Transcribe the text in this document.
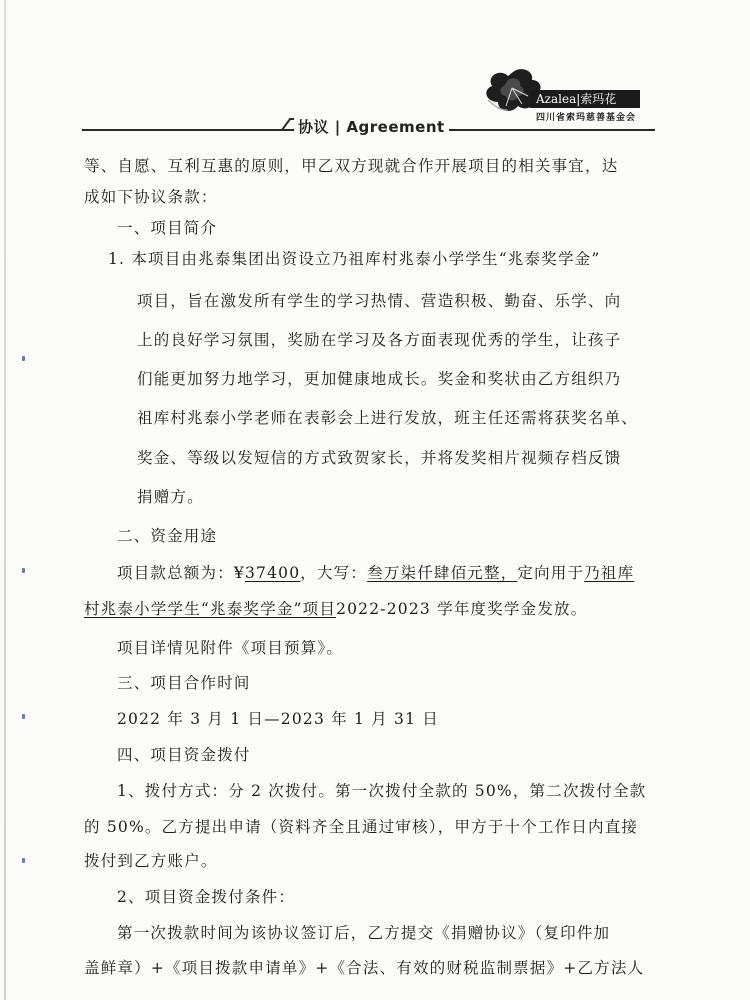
Azalea|索玛花
四川省索玛慈善基金会
协议 | Agreement
等、自愿、互利互惠的原则，甲乙双方现就合作开展项目的相关事宜，达
成如下协议条款：
一、项目简介
1. 本项目由兆泰集团出资设立乃祖库村兆泰小学学生“兆泰奖学金”
项目，旨在激发所有学生的学习热情、营造积极、勤奋、乐学、向
上的良好学习氛围，奖励在学习及各方面表现优秀的学生，让孩子
们能更加努力地学习，更加健康地成长。奖金和奖状由乙方组织乃
祖库村兆泰小学老师在表彰会上进行发放，班主任还需将获奖名单、
奖金、等级以发短信的方式致贺家长，并将发奖相片视频存档反馈
捐赠方。
二、资金用途
项目款总额为：¥37400，大写：叁万柒仟肆佰元整，定向用于乃祖库
村兆泰小学学生“兆泰奖学金”项目2022-2023 学年度奖学金发放。
项目详情见附件《项目预算》。
三、项目合作时间
2022 年 3 月 1 日—2023 年 1 月 31 日
四、项目资金拨付
1、拨付方式：分 2 次拨付。第一次拨付全款的 50%，第二次拨付全款
的 50%。乙方提出申请（资料齐全且通过审核），甲方于十个工作日内直接
拨付到乙方账户。
2、项目资金拨付条件：
第一次拨款时间为该协议签订后，乙方提交《捐赠协议》（复印件加
盖鲜章）+《项目拨款申请单》+《合法、有效的财税监制票据》+乙方法人
